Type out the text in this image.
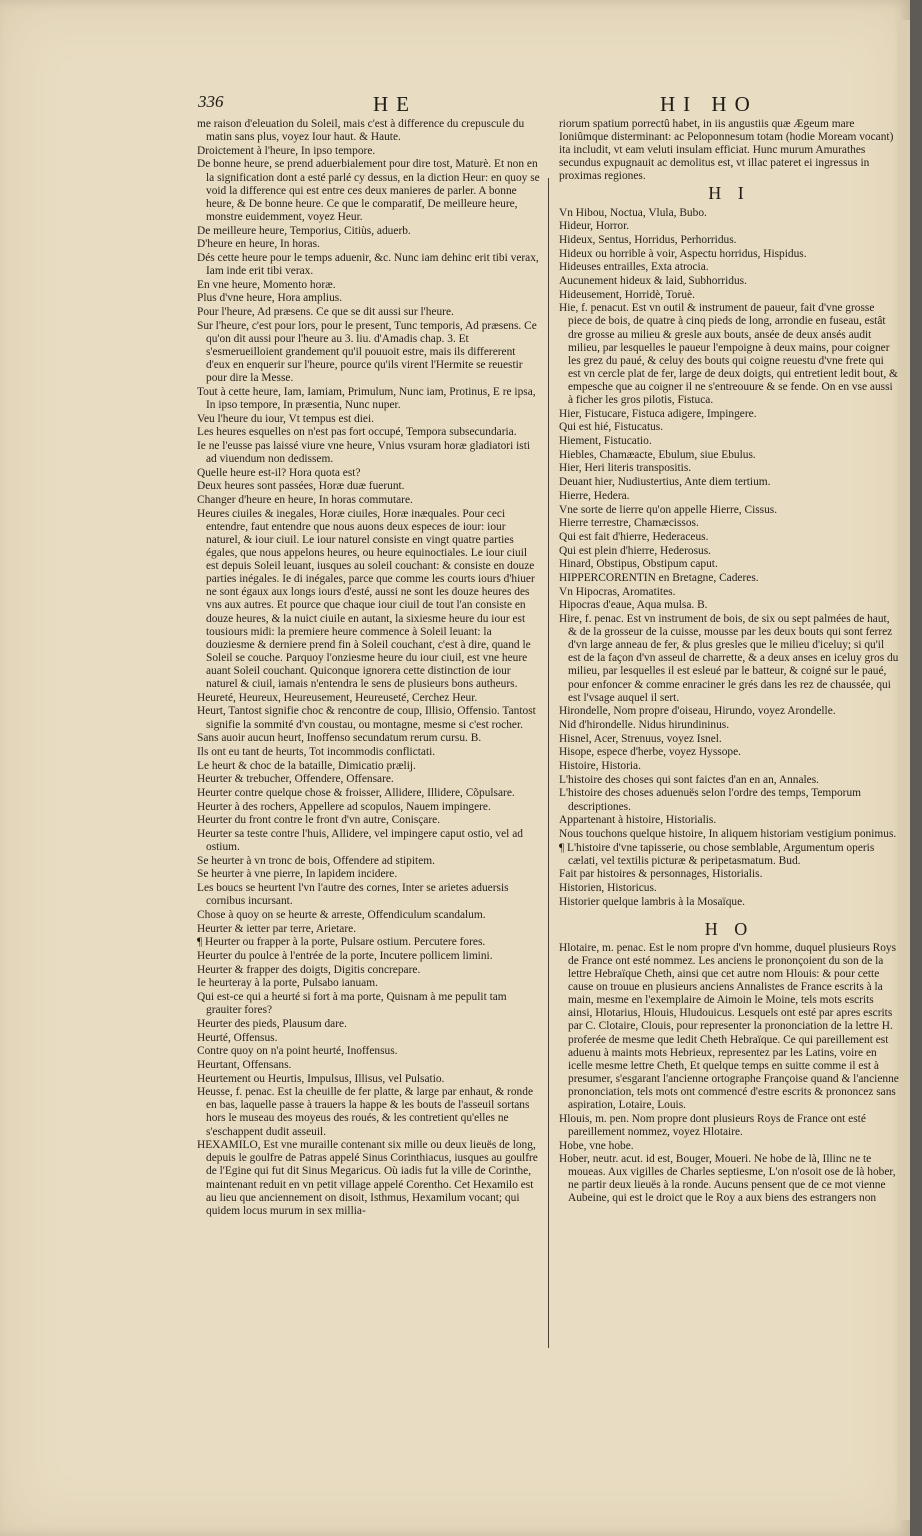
336	HE	HI HO
me raison d'eleuation du Soleil, mais c'est à difference du crepuscule du matin sans plus, voyez Iour haut. & Haute.
Droictement à l'heure, In ipso tempore.
De bonne heure, se prend aduerbialement pour dire tost, Maturè. Et non en la signification dont a esté parlé cy dessus, en la diction Heur: en quoy se void la difference qui est entre ces deux manieres de parler. A bonne heure, & De bonne heure. Ce que le comparatif, De meilleure heure, monstre euidemment, voyez Heur.
De meilleure heure, Temporius, Citiùs, aduerb.
D'heure en heure, In horas.
Dés cette heure pour le temps aduenir, &c. Nunc iam dehinc erit tibi verax, Iam inde erit tibi verax.
En vne heure, Momento horæ.
Plus d'vne heure, Hora amplius.
Pour l'heure, Ad præsens. Ce que se dit aussi sur l'heure.
Sur l'heure, c'est pour lors, pour le present, Tunc temporis, Ad præsens. Ce qu'on dit aussi pour l'heure au 3. liu. d'Amadis chap. 3. Et s'esmerueilloient grandement qu'il pouuoit estre, mais ils differerent d'eux en enquerir sur l'heure, pource qu'ils virent l'Hermite se reuestir pour dire la Messe.
Tout à cette heure, Iam, Iamiam, Primulum, Nunc iam, Protinus, E re ipsa, In ipso tempore, In præsentia, Nunc nuper.
Veu l'heure du iour, Vt tempus est diei.
Les heures esquelles on n'est pas fort occupé, Tempora subsecundaria.
Ie ne l'eusse pas laissé viure vne heure, Vnius vsuram horæ gladiatori isti ad viuendum non dedissem.
Quelle heure est-il? Hora quota est?
Deux heures sont passées, Horæ duæ fuerunt.
Changer d'heure en heure, In horas commutare.
Heures ciuiles & inegales, Horæ ciuiles, Horæ inæquales. Pour ceci entendre, faut entendre que nous auons deux especes de iour: iour naturel, & iour ciuil. Le iour naturel consiste en vingt quatre parties égales, que nous appelons heures, ou heure equinoctiales. Le iour ciuil est depuis Soleil leuant, iusques au soleil couchant: & consiste en douze parties inégales. Ie di inégales, parce que comme les courts iours d'hiuer ne sont égaux aux longs iours d'esté, aussi ne sont les douze heures des vns aux autres. Et pource que chaque iour ciuil de tout l'an consiste en douze heures, & la nuict ciuile en autant, la sixiesme heure du iour est tousiours midi: la premiere heure commence à Soleil leuant: la douziesme & derniere prend fin à Soleil couchant, c'est à dire, quand le Soleil se couche. Parquoy l'onziesme heure du iour ciuil, est vne heure auant Soleil couchant. Quiconque ignorera cette distinction de iour naturel & ciuil, iamais n'entendra le sens de plusieurs bons autheurs.
Heureté, Heureux, Heureusement, Heureuseté, Cerchez Heur.
Heurt, Tantost signifie choc & rencontre de coup, Illisio, Offensio. Tantost signifie la sommité d'vn coustau, ou montagne, mesme si c'est rocher.
Sans auoir aucun heurt, Inoffenso secundatum rerum cursu. B.
Ils ont eu tant de heurts, Tot incommodis conflictati.
Le heurt & choc de la bataille, Dimicatio prælij.
Heurter & trebucher, Offendere, Offensare.
Heurter contre quelque chose & froisser, Allidere, Illidere, Cõpulsare.
Heurter à des rochers, Appellere ad scopulos, Nauem impingere.
Heurter du front contre le front d'vn autre, Conisçare.
Heurter sa teste contre l'huis, Allidere, vel impingere caput ostio, vel ad ostium.
Se heurter à vn tronc de bois, Offendere ad stipitem.
Se heurter à vne pierre, In lapidem incidere.
Les boucs se heurtent l'vn l'autre des cornes, Inter se arietes aduersis cornibus incursant.
Chose à quoy on se heurte & arreste, Offendiculum scandalum.
Heurter & ietter par terre, Arietare.
¶ Heurter ou frapper à la porte, Pulsare ostium. Percutere fores.
Heurter du poulce à l'entrée de la porte, Incutere pollicem limini.
Heurter & frapper des doigts, Digitis concrepare.
Ie heurteray à la porte, Pulsabo ianuam.
Qui est-ce qui a heurté si fort à ma porte, Quisnam à me pepulit tam grauiter fores?
Heurter des pieds, Plausum dare.
Heurté, Offensus.
Contre quoy on n'a point heurté, Inoffensus.
Heurtant, Offensans.
Heurtement ou Heurtis, Impulsus, Illisus, vel Pulsatio.
Heusse, f. penac. Est la cheuille de fer platte, & large par enhaut, & ronde en bas, laquelle passe à trauers la happe & les bouts de l'asseuil sortans hors le museau des moyeus des roués, & les contretient qu'elles ne s'eschappent dudit asseuil.
HEXAMILO, Est vne muraille contenant six mille ou deux lieuës de long, depuis le goulfre de Patras appelé Sinus Corinthiacus, iusques au goulfre de l'Egine qui fut dit Sinus Megaricus. Où iadis fut la ville de Corinthe, maintenant reduit en vn petit village appelé Corentho. Cet Hexamilo est au lieu que anciennement on disoit, Isthmus, Hexamilum vocant; qui quidem locus murum in sex millia-
riorum spatium porrectû habet, in iis angustiis quæ Ægeum mare Ioniûmque disterminant: ac Peloponnesum totam (hodie Moream vocant) ita includit, vt eam veluti insulam efficiat. Hunc murum Amurathes secundus expugnauit ac demolitus est, vt illac pateret ei ingressus in proximas regiones.
H I
Vn Hibou, Noctua, Vlula, Bubo.
Hideur, Horror.
Hideux, Sentus, Horridus, Perhorridus.
Hideux ou horrible à voir, Aspectu horridus, Hispidus.
Hideuses entrailles, Exta atrocia.
Aucunement hideux & laid, Subhorridus.
Hideusement, Horridè, Toruè.
Hie, f. penacut. Est vn outil & instrument de paueur, fait d'vne grosse piece de bois, de quatre à cinq pieds de long, arrondie en fuseau, estât dre grosse au milieu & gresle aux bouts, ansée de deux ansés audit milieu, par lesquelles le paueur l'empoigne à deux mains, pour coigner les grez du paué, & celuy des bouts qui coigne reuestu d'vne frete qui est vn cercle plat de fer, large de deux doigts, qui entretient ledit bout, & empesche que au coigner il ne s'entreouure & se fende. On en vse aussi à ficher les gros pilotis, Fistuca.
Hier, Fistucare, Fistuca adigere, Impingere.
Qui est hié, Fistucatus.
Hiement, Fistucatio.
Hiebles, Chamæacte, Ebulum, siue Ebulus.
Hier, Heri literis transpositis.
Deuant hier, Nudiustertius, Ante diem tertium.
Hierre, Hedera.
Vne sorte de lierre qu'on appelle Hierre, Cissus.
Hierre terrestre, Chamæcissos.
Qui est fait d'hierre, Hederaceus.
Qui est plein d'hierre, Hederosus.
Hinard, Obstipus, Obstipum caput.
HIPPERCORENTIN en Bretagne, Caderes.
Vn Hipocras, Aromatites.
Hipocras d'eaue, Aqua mulsa. B.
Hire, f. penac. Est vn instrument de bois, de six ou sept palmées de haut, & de la grosseur de la cuisse, mousse par les deux bouts qui sont ferrez d'vn large anneau de fer, & plus gresles que le milieu d'iceluy; si qu'il est de la façon d'vn asseul de charrette, & a deux anses en iceluy gros du milieu, par lesquelles il est esleué par le batteur, & coigné sur le paué, pour enfoncer & comme enraciner le grés dans les rez de chaussée, qui est l'vsage auquel il sert.
Hirondelle, Nom propre d'oiseau, Hirundo, voyez Arondelle.
Nid d'hirondelle. Nidus hirundininus.
Hisnel, Acer, Strenuus, voyez Isnel.
Hisope, espece d'herbe, voyez Hyssope.
Histoire, Historia.
L'histoire des choses qui sont faictes d'an en an, Annales.
L'histoire des choses aduenuës selon l'ordre des temps, Temporum descriptiones.
Appartenant à histoire, Historialis.
Nous touchons quelque histoire, In aliquem historiam vestigium ponimus.
¶ L'histoire d'vne tapisserie, ou chose semblable, Argumentum operis cælati, vel textilis picturæ & peripetasmatum. Bud.
Fait par histoires & personnages, Historialis.
Historien, Historicus.
Historier quelque lambris à la Mosaïque.
H O
Hlotaire, m. penac. Est le nom propre d'vn homme, duquel plusieurs Roys de France ont esté nommez. Les anciens le prononçoient du son de la lettre Hebraïque Cheth, ainsi que cet autre nom Hlouis: & pour cette cause on trouue en plusieurs anciens Annalistes de France escrits à la main, mesme en l'exemplaire de Aimoin le Moine, tels mots escrits ainsi, Hlotarius, Hlouis, Hludouicus. Lesquels ont esté par apres escrits par C. Clotaire, Clouis, pour representer la prononciation de la lettre H. proferée de mesme que ledit Cheth Hebraïque. Ce qui pareillement est aduenu à maints mots Hebrieux, representez par les Latins, voire en icelle mesme lettre Cheth, Et quelque temps en suitte comme il est à presumer, s'esgarant l'ancienne ortographe Françoise quand & l'ancienne prononciation, tels mots ont commencé d'estre escrits & prononcez sans aspiration, Lotaire, Louis.
Hlouis, m. pen. Nom propre dont plusieurs Roys de France ont esté pareillement nommez, voyez Hlotaire.
Hobe, vne hobe.
Hober, neutr. acut. id est, Bouger, Moueri. Ne hobe de là, Illinc ne te moueas. Aux vigilles de Charles septiesme, L'on n'osoit ose de là hober, ne partir deux lieuës à la ronde. Aucuns pensent que de ce mot vienne Aubeine, qui est le droict que le Roy a aux biens des estrangers non
